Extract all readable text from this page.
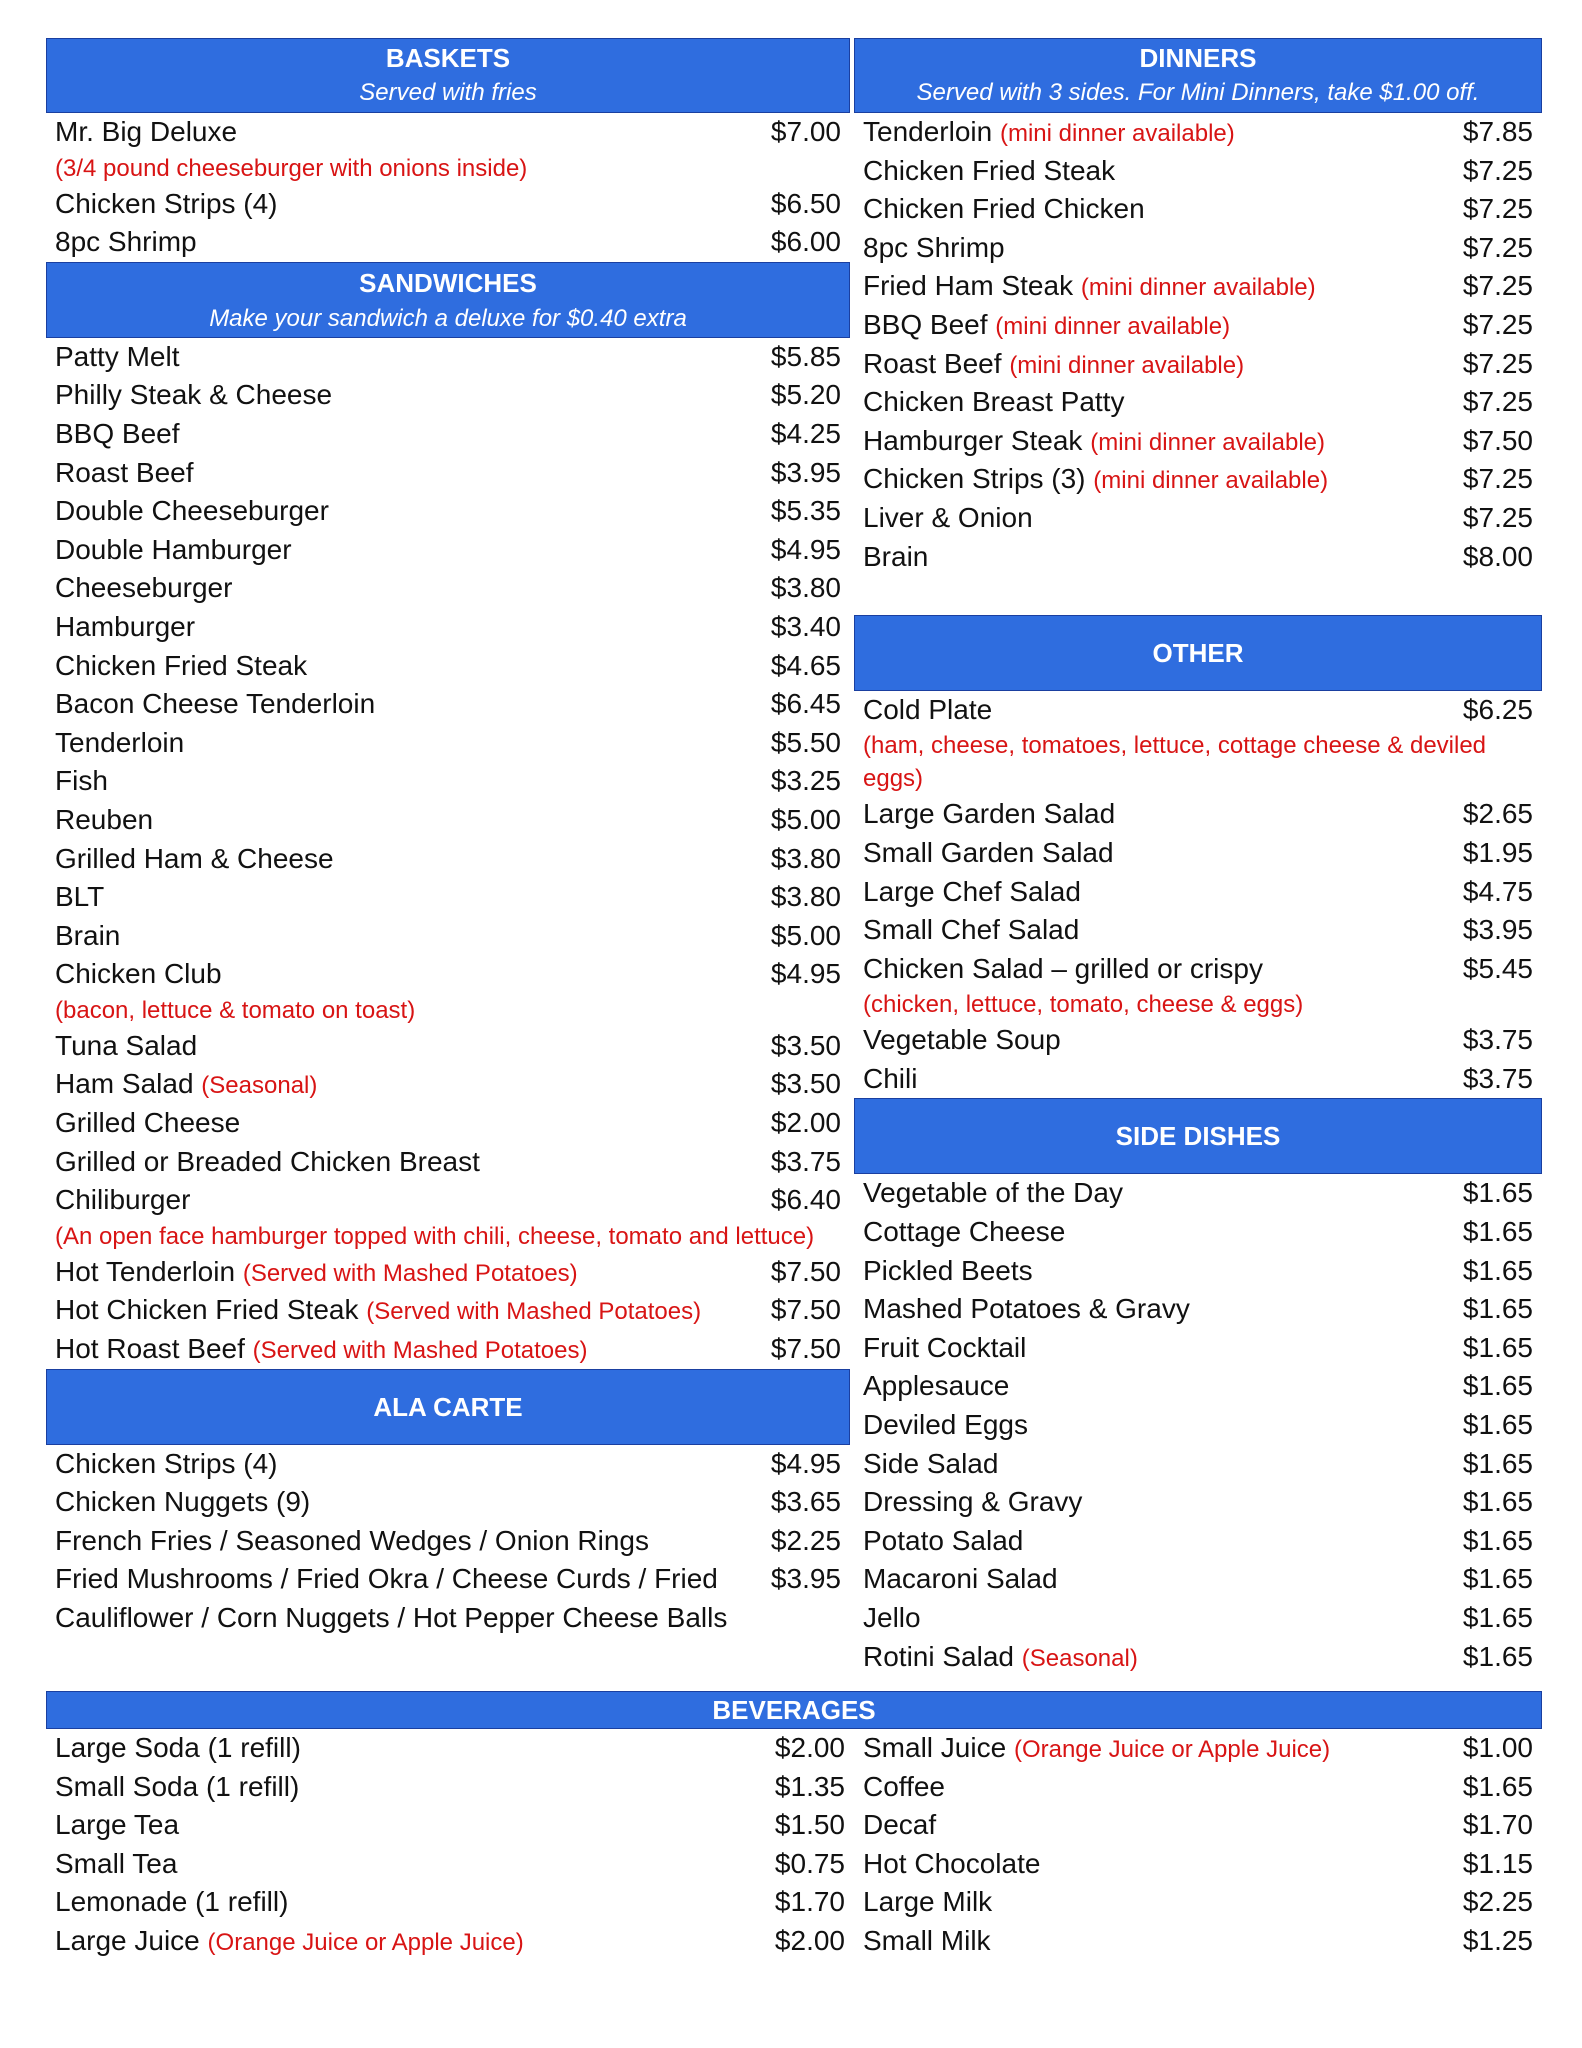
BASKETS
Served with fries
Mr. Big Deluxe	$7.00
(3/4 pound cheeseburger with onions inside)
Chicken Strips (4)	$6.50
8pc Shrimp	$6.00
SANDWICHES
Make your sandwich a deluxe for $0.40 extra
Patty Melt	$5.85
Philly Steak & Cheese	$5.20
BBQ Beef	$4.25
Roast Beef	$3.95
Double Cheeseburger	$5.35
Double Hamburger	$4.95
Cheeseburger	$3.80
Hamburger	$3.40
Chicken Fried Steak	$4.65
Bacon Cheese Tenderloin	$6.45
Tenderloin	$5.50
Fish	$3.25
Reuben	$5.00
Grilled Ham & Cheese	$3.80
BLT	$3.80
Brain	$5.00
Chicken Club	$4.95
(bacon, lettuce & tomato on toast)
Tuna Salad	$3.50
Ham Salad (Seasonal)	$3.50
Grilled Cheese	$2.00
Grilled or Breaded Chicken Breast	$3.75
Chiliburger	$6.40
(An open face hamburger topped with chili, cheese, tomato and lettuce)
Hot Tenderloin (Served with Mashed Potatoes)	$7.50
Hot Chicken Fried Steak (Served with Mashed Potatoes) $7.50
Hot Roast Beef (Served with Mashed Potatoes)	$7.50
ALA CARTE
Chicken Strips (4)	$4.95
Chicken Nuggets (9)	$3.65
French Fries / Seasoned Wedges / Onion Rings	$2.25
Fried Mushrooms / Fried Okra / Cheese Curds / Fried $3.95
Cauliflower / Corn Nuggets / Hot Pepper Cheese Balls
DINNERS
Served with 3 sides. For Mini Dinners, take $1.00 off.
Tenderloin (mini dinner available)	$7.85
Chicken Fried Steak	$7.25
Chicken Fried Chicken	$7.25
8pc Shrimp	$7.25
Fried Ham Steak (mini dinner available)	$7.25
BBQ Beef (mini dinner available)	$7.25
Roast Beef (mini dinner available)	$7.25
Chicken Breast Patty	$7.25
Hamburger Steak (mini dinner available)	$7.50
Chicken Strips (3) (mini dinner available)	$7.25
Liver & Onion	$7.25
Brain	$8.00
OTHER
Cold Plate	$6.25
(ham, cheese, tomatoes, lettuce, cottage cheese & deviled eggs)
Large Garden Salad	$2.65
Small Garden Salad	$1.95
Large Chef Salad	$4.75
Small Chef Salad	$3.95
Chicken Salad – grilled or crispy	$5.45
(chicken, lettuce, tomato, cheese & eggs)
Vegetable Soup	$3.75
Chili	$3.75
SIDE DISHES
Vegetable of the Day	$1.65
Cottage Cheese	$1.65
Pickled Beets	$1.65
Mashed Potatoes & Gravy	$1.65
Fruit Cocktail	$1.65
Applesauce	$1.65
Deviled Eggs	$1.65
Side Salad	$1.65
Dressing & Gravy	$1.65
Potato Salad	$1.65
Macaroni Salad	$1.65
Jello	$1.65
Rotini Salad (Seasonal)	$1.65
BEVERAGES
Large Soda (1 refill)	$2.00
Small Soda (1 refill)	$1.35
Large Tea	$1.50
Small Tea	$0.75
Lemonade (1 refill)	$1.70
Large Juice (Orange Juice or Apple Juice)	$2.00
Small Juice (Orange Juice or Apple Juice)	$1.00
Coffee	$1.65
Decaf	$1.70
Hot Chocolate	$1.15
Large Milk	$2.25
Small Milk	$1.25
